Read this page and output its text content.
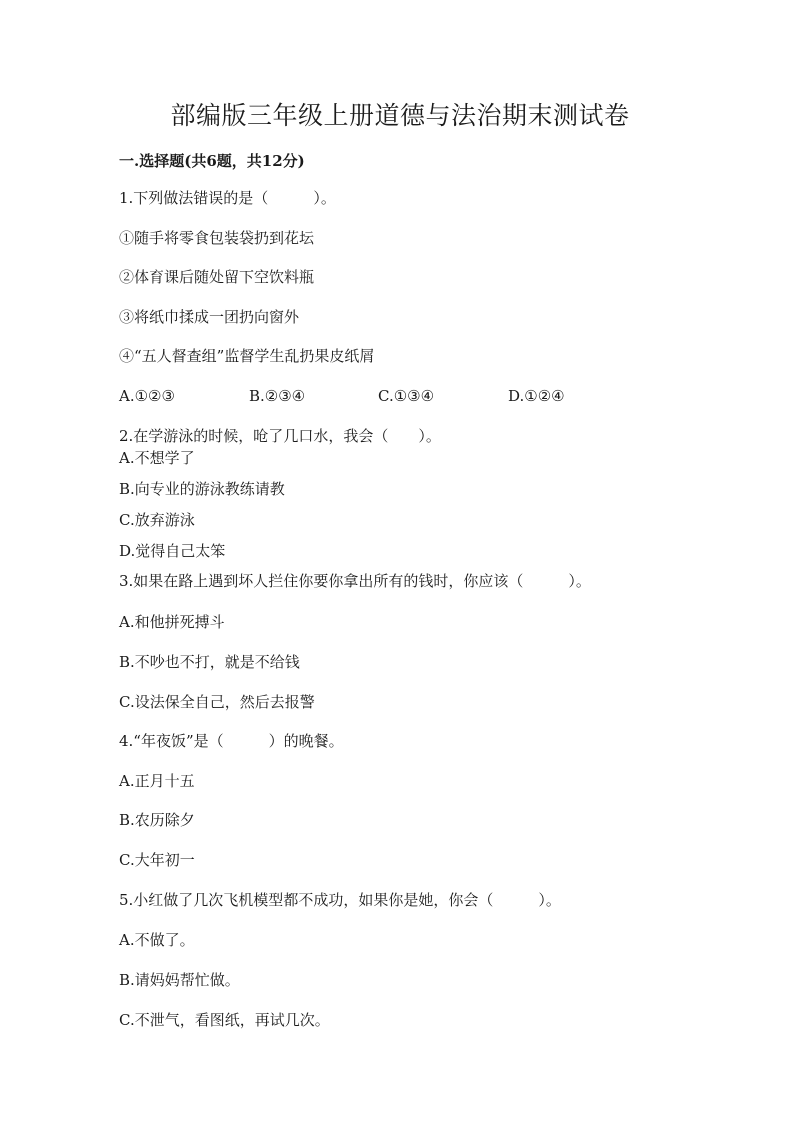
部编版三年级上册道德与法治期末测试卷
一.选择题(共6题，共12分)

1.下列做法错误的是（　　　）。

①随手将零食包装袋扔到花坛

②体育课后随处留下空饮料瓶

③将纸巾揉成一团扔向窗外

④“五人督查组”监督学生乱扔果皮纸屑

A.①②③	B.②③④	C.①③④	D.①②④

2.在学游泳的时候，呛了几口水，我会（　　）。

A.不想学了

B.向专业的游泳教练请教

C.放弃游泳

D.觉得自己太笨

3.如果在路上遇到坏人拦住你要你拿出所有的钱时，你应该（　　　）。

A.和他拼死搏斗

B.不吵也不打，就是不给钱

C.设法保全自己，然后去报警

4.“年夜饭”是（　　　）的晚餐。

A.正月十五

B.农历除夕

C.大年初一

5.小红做了几次飞机模型都不成功，如果你是她，你会（　　　）。

A.不做了。

B.请妈妈帮忙做。

C.不泄气，看图纸，再试几次。
